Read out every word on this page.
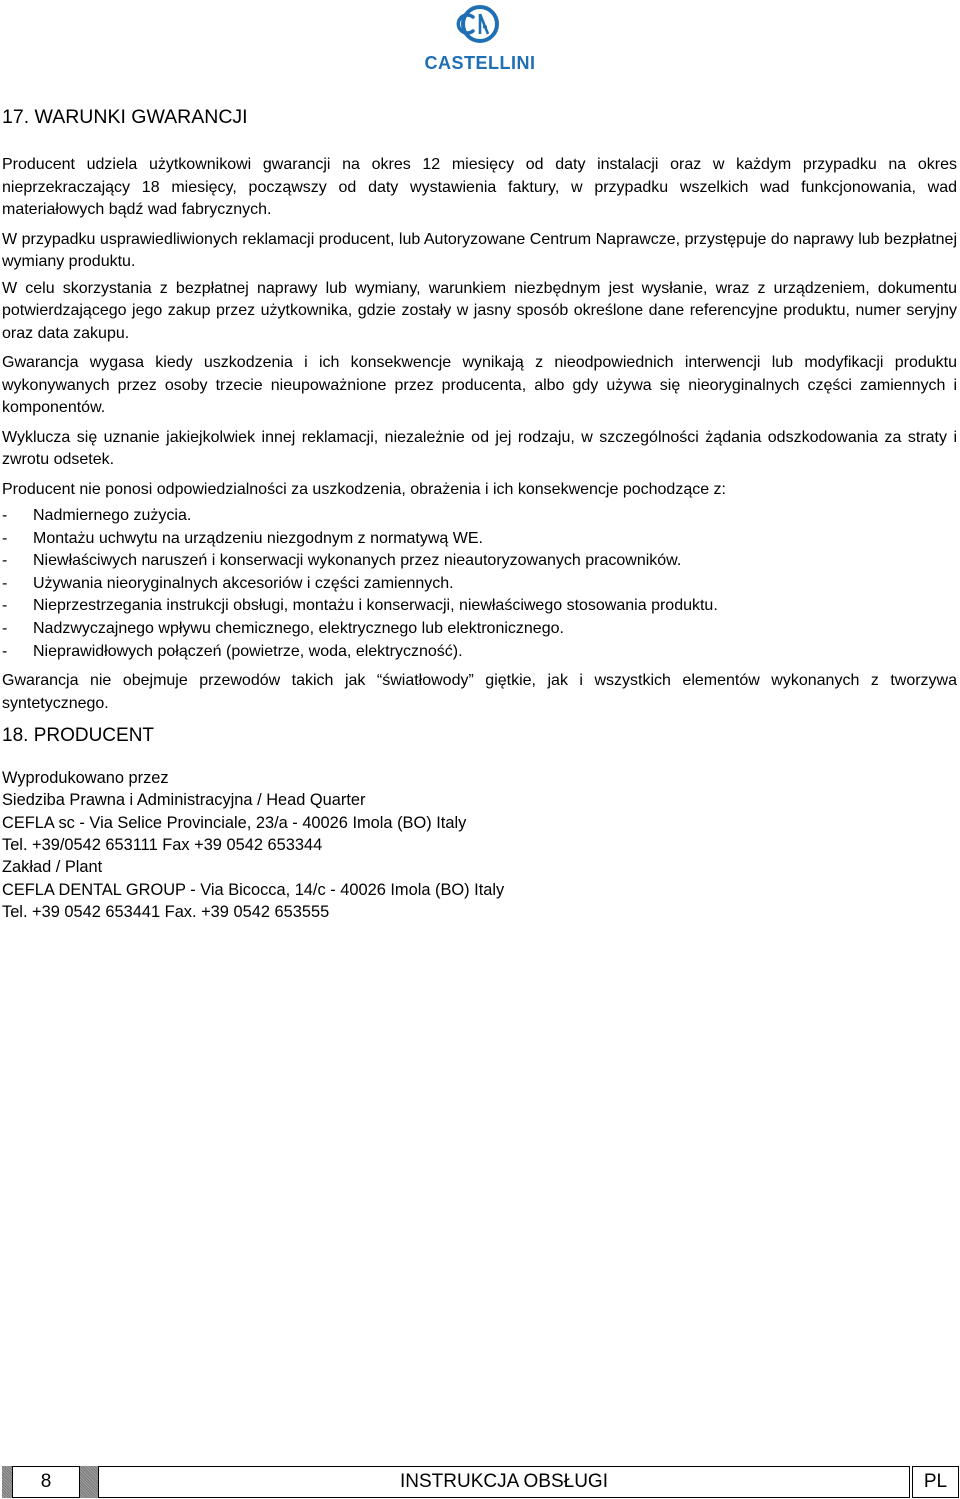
CASTELLINI
17. WARUNKI GWARANCJI

Producent udziela użytkownikowi gwarancji na okres 12 miesięcy od daty instalacji oraz w każdym przypadku na okres nieprzekraczający 18 miesięcy, począwszy od daty wystawienia faktury, w przypadku wszelkich wad funkcjonowania, wad materiałowych bądź wad fabrycznych.

W przypadku usprawiedliwionych reklamacji producent, lub Autoryzowane Centrum Naprawcze, przystępuje do naprawy lub bezpłatnej wymiany produktu.

W celu skorzystania z bezpłatnej naprawy lub wymiany, warunkiem niezbędnym jest wysłanie, wraz z urządzeniem, dokumentu potwierdzającego jego zakup przez użytkownika, gdzie zostały w jasny sposób określone dane referencyjne produktu, numer seryjny oraz data zakupu.

Gwarancja wygasa kiedy uszkodzenia i ich konsekwencje wynikają z nieodpowiednich interwencji lub modyfikacji produktu wykonywanych przez osoby trzecie nieupoważnione przez producenta, albo gdy używa się nieoryginalnych części zamiennych i komponentów.

Wyklucza się uznanie jakiejkolwiek innej reklamacji, niezależnie od jej rodzaju, w szczególności żądania odszkodowania za straty i zwrotu odsetek.

Producent nie ponosi odpowiedzialności za uszkodzenia, obrażenia i ich konsekwencje pochodzące z:

- Nadmiernego zużycia.
- Montażu uchwytu na urządzeniu niezgodnym z normatywą WE.
- Niewłaściwych naruszeń i konserwacji wykonanych przez nieautoryzowanych pracowników.
- Używania nieoryginalnych akcesoriów i części zamiennych.
- Nieprzestrzegania instrukcji obsługi, montażu i konserwacji, niewłaściwego stosowania produktu.
- Nadzwyczajnego wpływu chemicznego, elektrycznego lub elektronicznego.
- Nieprawidłowych połączeń (powietrze, woda, elektryczność).

Gwarancja nie obejmuje przewodów takich jak “światłowody” giętkie, jak i wszystkich elementów wykonanych z tworzywa syntetycznego.

18. PRODUCENT
Wyprodukowano przez
Siedziba Prawna i Administracyjna / Head Quarter
CEFLA sc - Via Selice Provinciale, 23/a - 40026 Imola (BO) Italy
Tel. +39/0542 653111 Fax +39 0542 653344
Zakład / Plant
CEFLA DENTAL GROUP - Via Bicocca, 14/c - 40026 Imola (BO) Italy
Tel. +39 0542 653441 Fax. +39 0542 653555
8	INSTRUKCJA OBSŁUGI	PL
